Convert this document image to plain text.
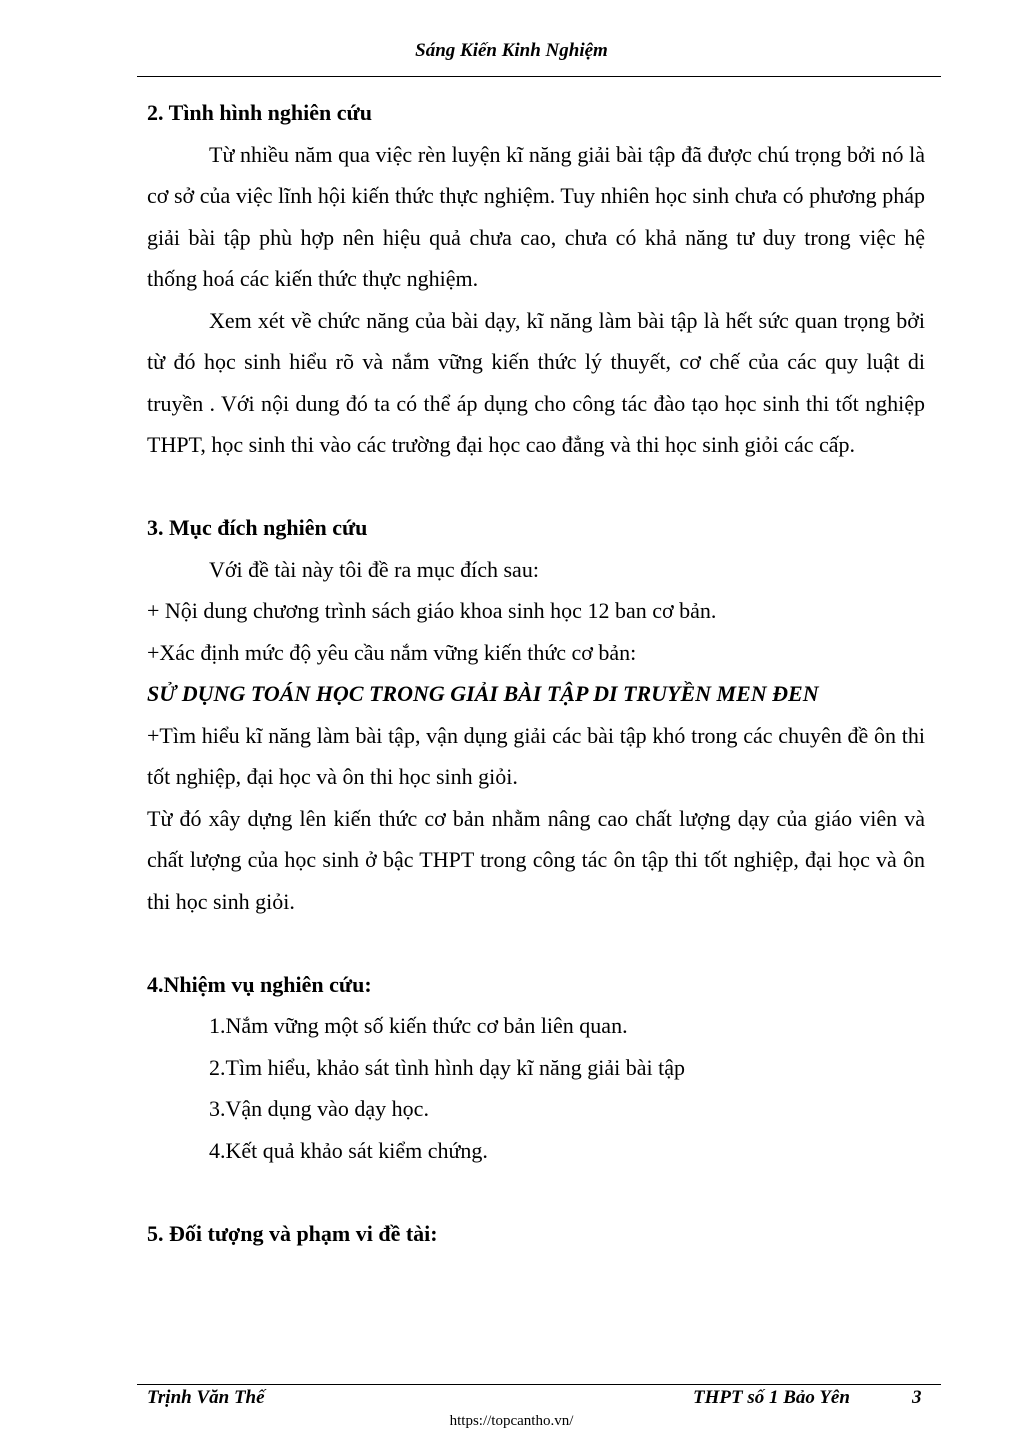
Sáng Kiến Kinh Nghiệm

2. Tình hình nghiên cứu

Từ nhiều năm qua việc rèn luyện kĩ năng giải bài tập đã được chú trọng bởi nó là cơ sở của việc lĩnh hội kiến thức thực nghiệm. Tuy nhiên học sinh chưa có phương pháp giải bài tập phù hợp nên hiệu quả chưa cao, chưa có khả năng tư duy trong việc hệ thống hoá các kiến thức thực nghiệm.

Xem xét về chức năng của bài dạy, kĩ năng làm bài tập là hết sức quan trọng bởi từ đó học sinh hiểu rõ và nắm vững kiến thức lý thuyết, cơ chế của các quy luật di truyền . Với nội dung đó ta có thể áp dụng cho công tác đào tạo học sinh thi tốt nghiệp THPT, học sinh thi vào các trường đại học cao đẳng và thi học sinh giỏi các cấp.

3. Mục đích nghiên cứu

Với đề tài này tôi đề ra mục đích sau:

+ Nội dung chương trình sách giáo khoa sinh học 12 ban cơ bản.

+Xác định mức độ yêu cầu nắm vững kiến thức cơ bản:

SỬ DỤNG TOÁN HỌC TRONG GIẢI BÀI TẬP DI TRUYỀN MEN ĐEN

+Tìm hiểu kĩ năng làm bài tập, vận dụng giải các bài tập khó trong các chuyên đề ôn thi tốt nghiệp, đại học và ôn thi học sinh giỏi.

Từ đó xây dựng lên kiến thức cơ bản nhằm nâng cao chất lượng dạy của giáo viên và chất lượng của học sinh ở bậc THPT trong công tác ôn tập thi tốt nghiệp, đại học và ôn thi học sinh giỏi.

4.Nhiệm vụ nghiên cứu:

1.Nắm vững một số kiến thức cơ bản liên quan.

2.Tìm hiểu, khảo sát tình hình dạy kĩ năng giải bài tập

3.Vận dụng vào dạy học.

4.Kết quả khảo sát kiểm chứng.

5. Đối tượng và phạm vi đề tài:

Trịnh Văn Thế	THPT số 1 Bảo Yên	3
https://topcantho.vn/
